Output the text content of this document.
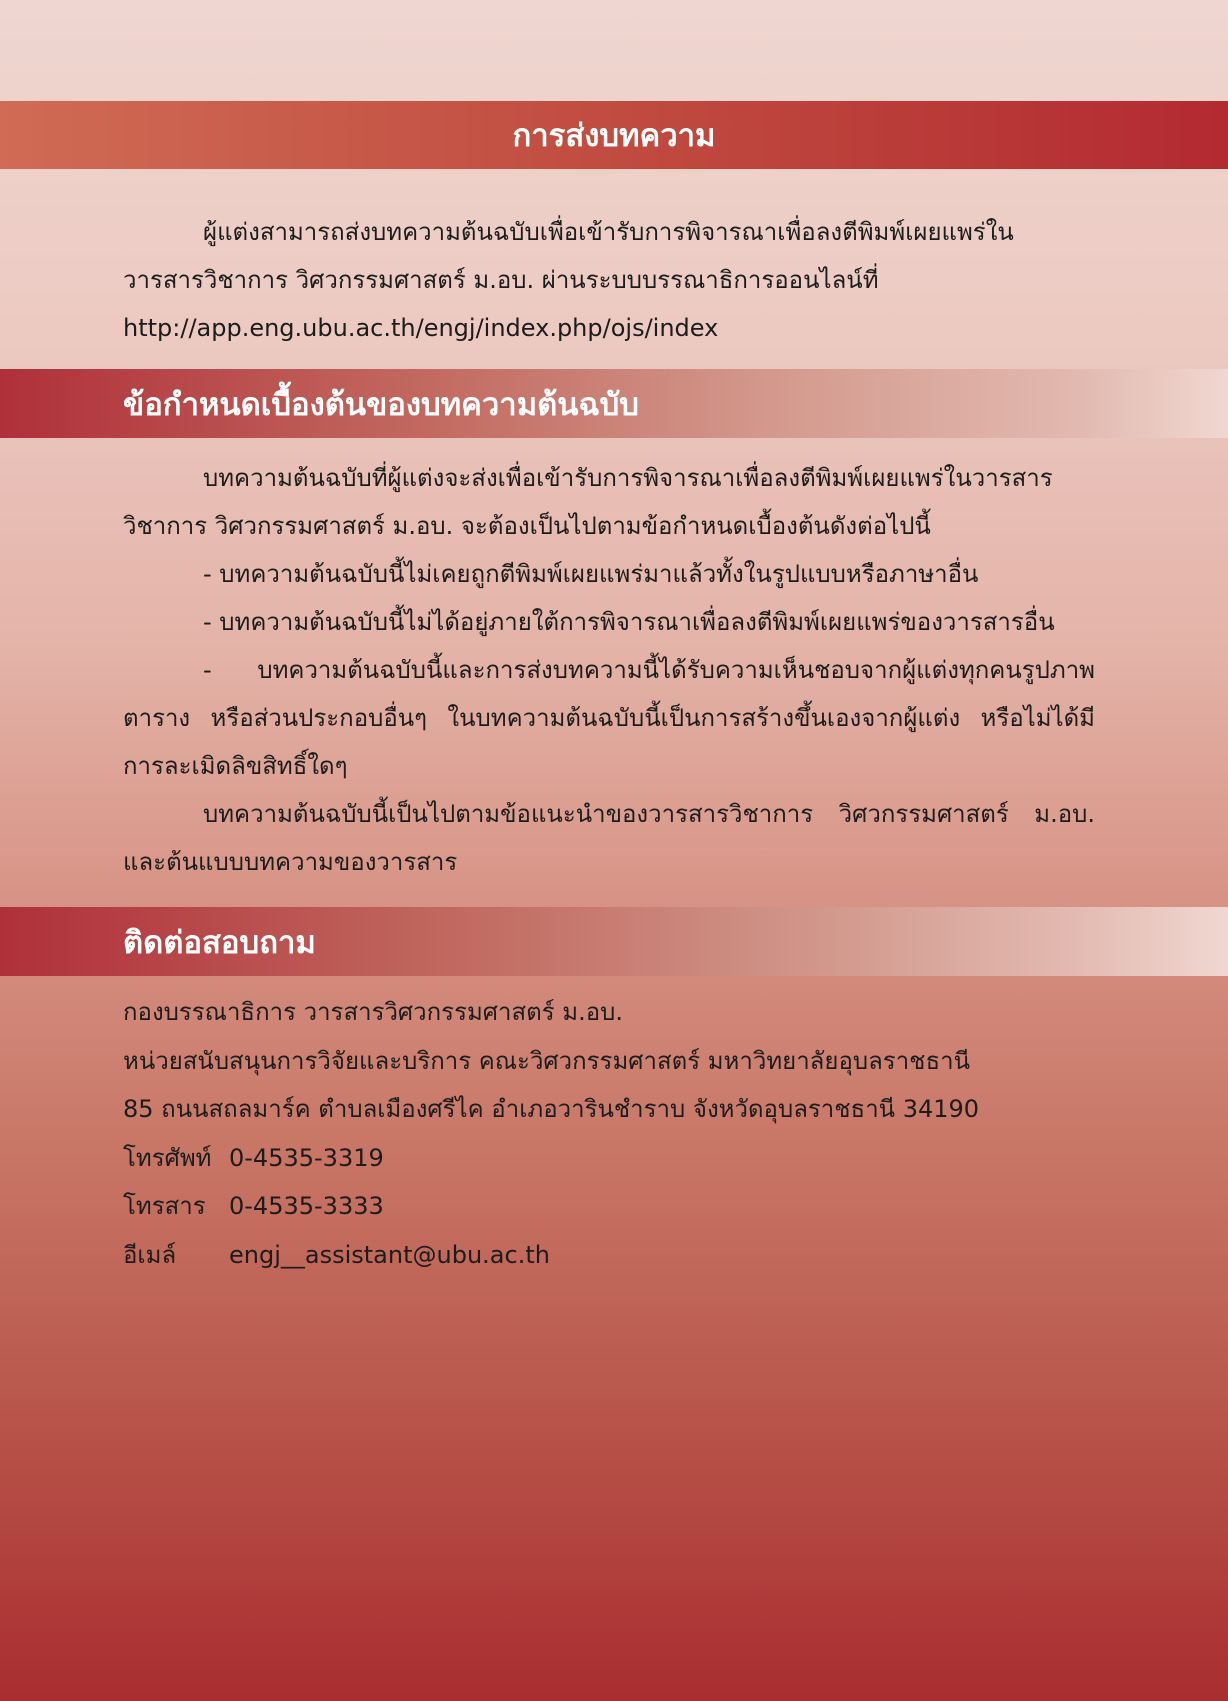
การส่งบทความ

ผู้แต่งสามารถส่งบทความต้นฉบับเพื่อเข้ารับการพิจารณาเพื่อลงตีพิมพ์เผยแพร่ใน วารสารวิชาการ วิศวกรรมศาสตร์ ม.อบ. ผ่านระบบบรรณาธิการออนไลน์ที่
http://app.eng.ubu.ac.th/engj/index.php/ojs/index

ข้อกำหนดเบื้องต้นของบทความต้นฉบับ

บทความต้นฉบับที่ผู้แต่งจะส่งเพื่อเข้ารับการพิจารณาเพื่อลงตีพิมพ์เผยแพร่ในวารสาร วิชาการ วิศวกรรมศาสตร์ ม.อบ. จะต้องเป็นไปตามข้อกำหนดเบื้องต้นดังต่อไปนี้

- บทความต้นฉบับนี้ไม่เคยถูกตีพิมพ์เผยแพร่มาแล้วทั้งในรูปแบบหรือภาษาอื่น

- บทความต้นฉบับนี้ไม่ได้อยู่ภายใต้การพิจารณาเพื่อลงตีพิมพ์เผยแพร่ของวารสารอื่น

- บทความต้นฉบับนี้และการส่งบทความนี้ได้รับความเห็นชอบจากผู้แต่งทุกคนรูปภาพ ตาราง หรือส่วนประกอบอื่นๆ ในบทความต้นฉบับนี้เป็นการสร้างขึ้นเองจากผู้แต่ง หรือไม่ได้มีการละเมิดลิขสิทธิ์ใดๆ

บทความต้นฉบับนี้เป็นไปตามข้อแนะนำของวารสารวิชาการ วิศวกรรมศาสตร์ ม.อบ. และต้นแบบบทความของวารสาร

ติดต่อสอบถาม
กองบรรณาธิการ วารสารวิศวกรรมศาสตร์ ม.อบ.
หน่วยสนับสนุนการวิจัยและบริการ คณะวิศวกรรมศาสตร์ มหาวิทยาลัยอุบลราชธานี
85 ถนนสถลมาร์ค ตำบลเมืองศรีไค อำเภอวารินชำราบ จังหวัดอุบลราชธานี 34190
โทรศัพท์ 0-4535-3319
โทรสาร 0-4535-3333
อีเมล์ engj__assistant@ubu.ac.th
